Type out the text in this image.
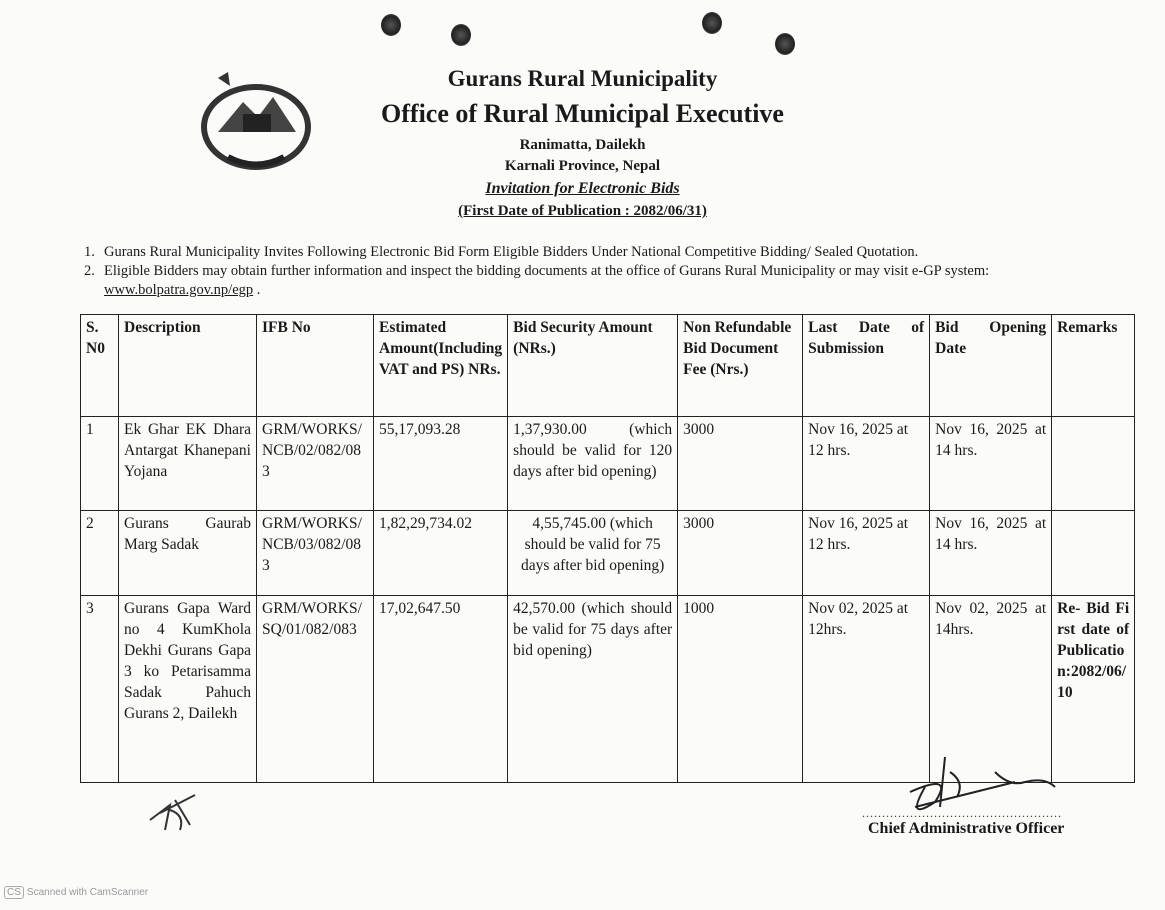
Gurans Rural Municipality
Office of Rural Municipal Executive
Ranimatta, Dailekh
Karnali Province, Nepal
Invitation for Electronic Bids
(First Date of Publication : 2082/06/31)
1. Gurans Rural Municipality Invites Following Electronic Bid Form Eligible Bidders Under National Competitive Bidding/ Sealed Quotation.
2. Eligible Bidders may obtain further information and inspect the bidding documents at the office of Gurans Rural Municipality or may visit e-GP system:
www.bolpatra.gov.np/egp .
S. N0	Description	IFB No	Estimated Amount(Including VAT and PS) NRs.	Bid Security Amount (NRs.)	Non Refundable Bid Document Fee (Nrs.)	Last Date of Submission	Bid Opening Date	Remarks
1	Ek Ghar EK Dhara Antargat Khanepani Yojana	GRM/WORKS/NCB/02/082/083	55,17,093.28	1,37,930.00 (which should be valid for 120 days after bid opening)	3000	Nov 16, 2025 at 12 hrs.	Nov 16, 2025 at 14 hrs.	
2	Gurans Gaurab Marg Sadak	GRM/WORKS/NCB/03/082/083	1,82,29,734.02	4,55,745.00 (which should be valid for 75 days after bid opening)	3000	Nov 16, 2025 at 12 hrs.	Nov 16, 2025 at 14 hrs.	
3	Gurans Gapa Ward no 4 KumKhola Dekhi Gurans Gapa 3 ko Petarisamma Sadak Pahuch Gurans 2, Dailekh	GRM/WORKS/SQ/01/082/083	17,02,647.50	42,570.00 (which should be valid for 75 days after bid opening)	1000	Nov 02, 2025 at 12hrs.	Nov 02, 2025 at 14hrs.	Re- Bid First date of Publication:2082/06/10
..................................................
Chief Administrative Officer
CS Scanned with CamScanner
